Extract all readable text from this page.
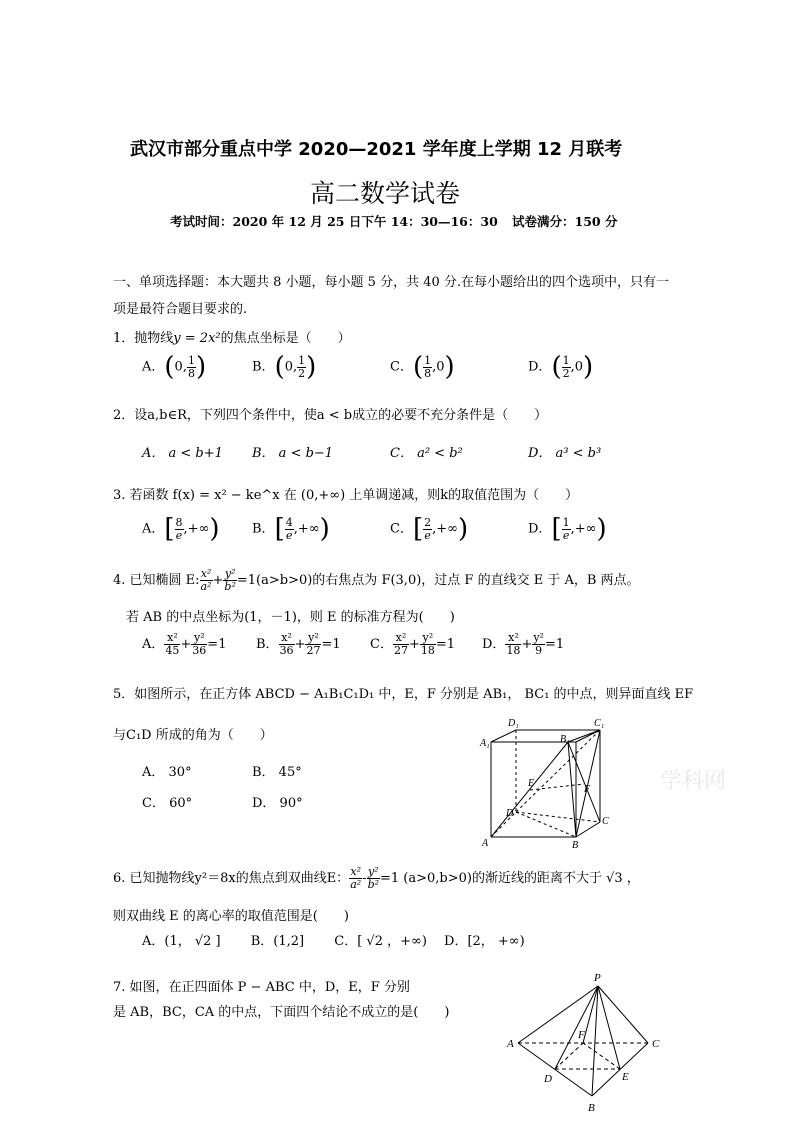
武汉市部分重点中学 2020—2021 学年度上学期 12 月联考
高二数学试卷
考试时间：2020 年 12 月 25 日下午 14：30—16：30 试卷满分：150 分
一、单项选择题：本大题共 8 小题，每小题 5 分，共 40 分.在每小题给出的四个选项中，只有一
项是最符合题目要求的.
1．抛物线y = 2x²的焦点坐标是（　　）
A．(0, $\frac{1}{8}$ )	B．(0, $\frac{1}{2}$ )	C．( $\frac{1}{8} ,0$)	D．( $\frac{1}{2} ,0$)
2．设a,b∈R，下列四个条件中，使a < b成立的必要不充分条件是（　　）
A． a < b+1 B． a < b−1	C． a² < b²	D． a³ < b³
3. 若函数 f(x) = x² − ke^x 在 (0,+∞) 上单调递减，则k的取值范围为（　　）
A．[ $\frac{8}{e}$ ,+∞) B．[ $\frac{4}{e}$ ,+∞)	C．[ $\frac{2}{e}$ ,+∞)	D．[ $\frac{1}{e}$ ,+∞)
4. 已知椭圆 E: $\frac{\text{x²}}{\text{a²}} + \frac{\text{y²}}{\text{b²}} =1(a>b>0)$的右焦点为 F(3,0)，过点 F 的直线交 E 于 A，B 两点。
若 AB 的中点坐标为(1，－1)，则 E 的标准方程为(　　)
A． $\frac{\text{x²}}{45} + \frac{\text{y²}}{36} =1$ B． $\frac{\text{x²}}{36} + \frac{\text{y²}}{27} =1$ C． $\frac{\text{x²}}{27} + \frac{\text{y²}}{18} =1$ D． $\frac{\text{x²}}{18} + \frac{\text{y²}}{9} =1$
5．如图所示，在正方体 ABCD − A₁B₁C₁D₁ 中，E，F 分别是 AB₁， BC₁ 的中点，则异面直线 EF
与C₁D 所成的角为（　　）
A． 30°	B． 45°
C． 60°	D． 90°
D₁	C₁
A₁	B₁
E
F
D
C
A	B
学科网
6. 已知抛物线y²＝8x的焦点到双曲线E： $\frac{\text{x²}}{\text{a²}} - \frac{\text{y²}}{\text{b²}} =1$ (a>0,b>0)的渐近线的距离不大于 √3 ，
则双曲线 E 的离心率的取值范围是(　　)
A．(1， √2 ]　　 B．(1,2]　　 C．[ √2 ，+∞)　 D．[2， +∞)
7. 如图，在正四面体 P − ABC 中，D，E，F 分别
是 AB，BC，CA 的中点，下面四个结论不成立的是(　　)
P
A	C
F
D	E
B
